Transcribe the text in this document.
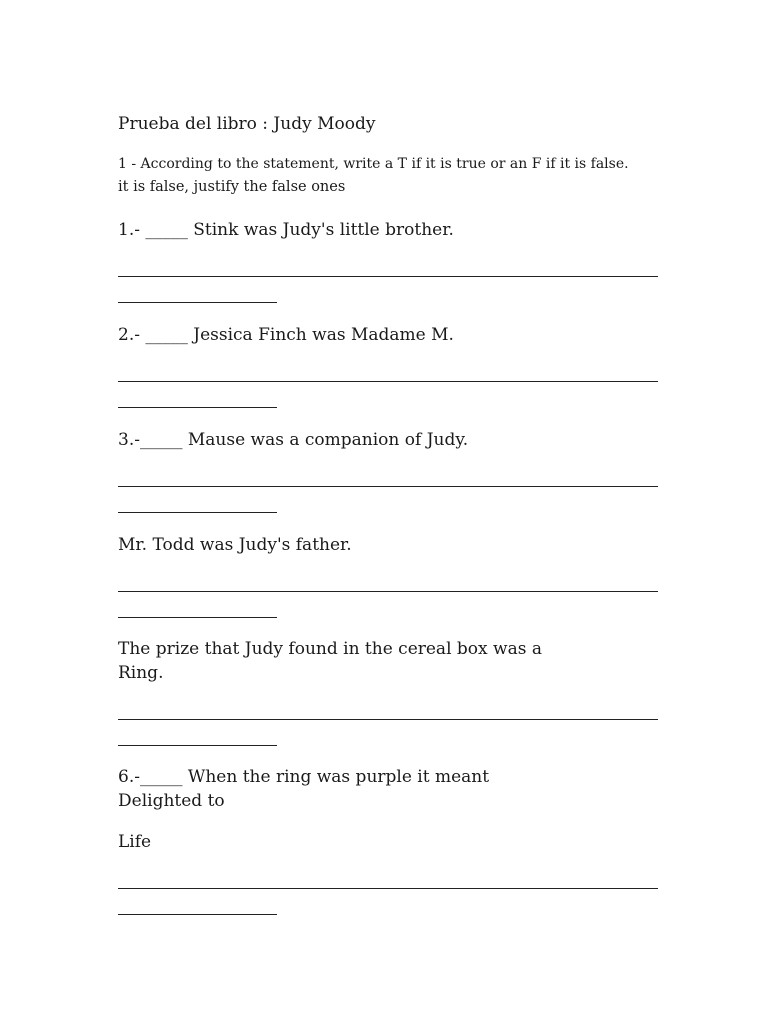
Prueba del libro : Judy Moody
1 - According to the statement, write a T if it is true or an F if it is false.
it is false, justify the false ones
1.- _____ Stink was Judy's little brother.
2.- _____ Jessica Finch was Madame M.
3.-_____ Mause was a companion of Judy.
Mr. Todd was Judy's father.
The prize that Judy found in the cereal box was a
Ring.
6.-_____ When the ring was purple it meant
Delighted to
Life
